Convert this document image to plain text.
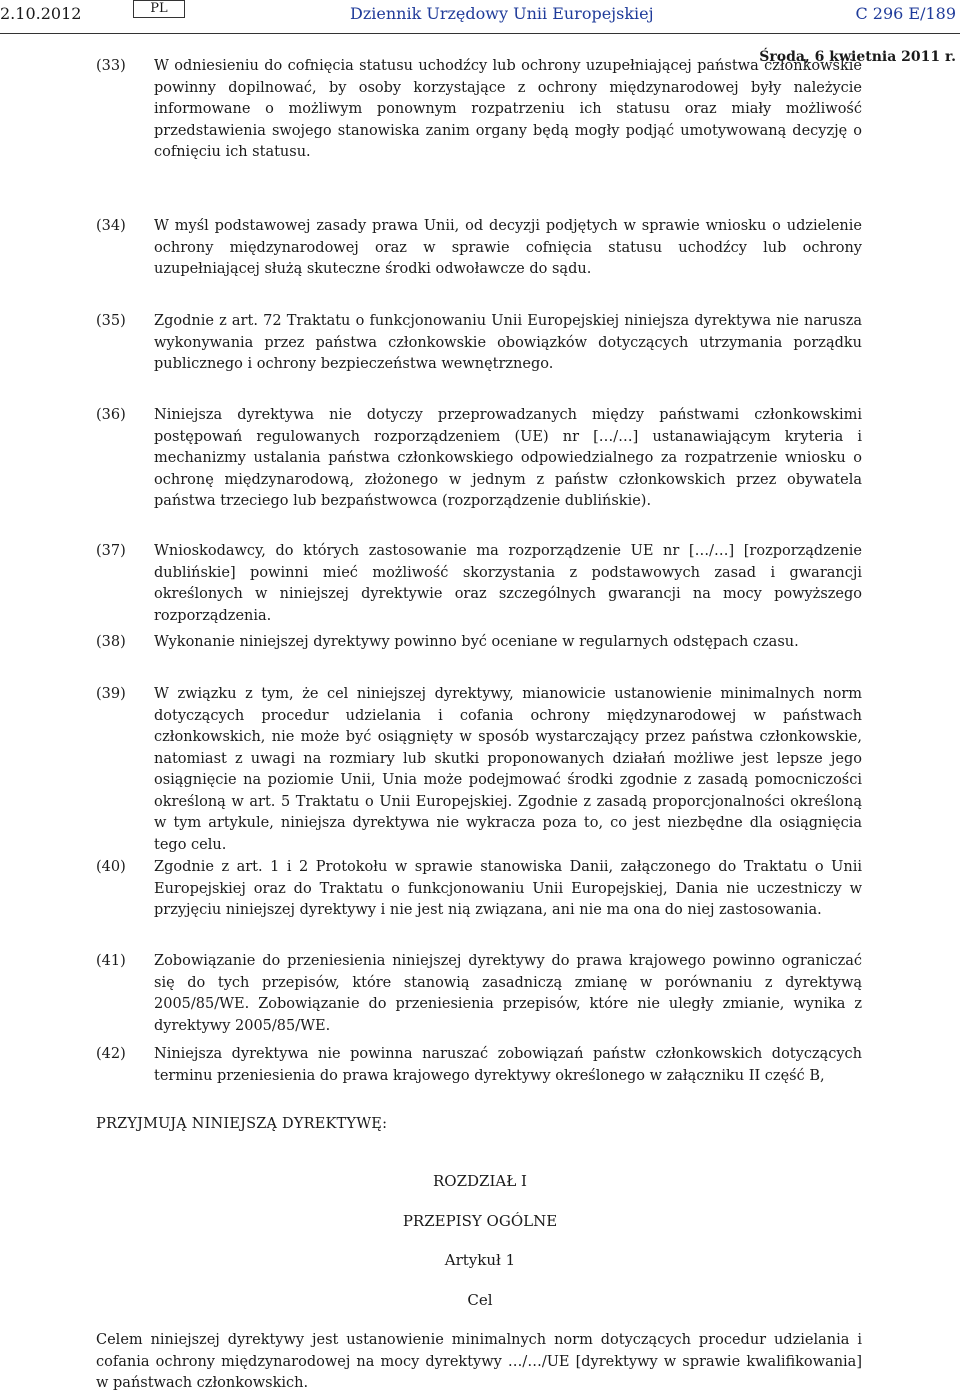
2.10.2012	PL	Dziennik Urzędowy Unii Europejskiej	C 296 E/189
Środa, 6 kwietnia 2011 r.
(33)	W odniesieniu do cofnięcia statusu uchodźcy lub ochrony uzupełniającej państwa członkowskie powinny dopilnować, by osoby korzystające z ochrony międzynarodowej były należycie informowane o możliwym ponownym rozpatrzeniu ich statusu oraz miały możliwość przedstawienia swojego stanowiska zanim organy będą mogły podjąć umotywowaną decyzję o cofnięciu ich statusu.
(34)	W myśl podstawowej zasady prawa Unii, od decyzji podjętych w sprawie wniosku o udzielenie ochrony międzynarodowej oraz w sprawie cofnięcia statusu uchodźcy lub ochrony uzupełniającej służą skuteczne środki odwoławcze do sądu.
(35)	Zgodnie z art. 72 Traktatu o funkcjonowaniu Unii Europejskiej niniejsza dyrektywa nie narusza wykonywania przez państwa członkowskie obowiązków dotyczących utrzymania porządku publicznego i ochrony bezpieczeństwa wewnętrznego.
(36)	Niniejsza dyrektywa nie dotyczy przeprowadzanych między państwami członkowskimi postępowań regulowanych rozporządzeniem (UE) nr […/…] ustanawiającym kryteria i mechanizmy ustalania państwa członkowskiego odpowiedzialnego za rozpatrzenie wniosku o ochronę międzynarodową, złożonego w jednym z państw członkowskich przez obywatela państwa trzeciego lub bezpaństwowca (rozporządzenie dublińskie).
(37)	Wnioskodawcy, do których zastosowanie ma rozporządzenie UE nr […/…] [rozporządzenie dublińskie] powinni mieć możliwość skorzystania z podstawowych zasad i gwarancji określonych w niniejszej dyrektywie oraz szczególnych gwarancji na mocy powyższego rozporządzenia.
(38)	Wykonanie niniejszej dyrektywy powinno być oceniane w regularnych odstępach czasu.
(39)	W związku z tym, że cel niniejszej dyrektywy, mianowicie ustanowienie minimalnych norm dotyczących procedur udzielania i cofania ochrony międzynarodowej w państwach członkowskich, nie może być osiągnięty w sposób wystarczający przez państwa członkowskie, natomiast z uwagi na rozmiary lub skutki proponowanych działań możliwe jest lepsze jego osiągnięcie na poziomie Unii, Unia może podejmować środki zgodnie z zasadą pomocniczości określoną w art. 5 Traktatu o Unii Europejskiej. Zgodnie z zasadą proporcjonalności określoną w tym artykule, niniejsza dyrektywa nie wykracza poza to, co jest niezbędne dla osiągnięcia tego celu.
(40)	Zgodnie z art. 1 i 2 Protokołu w sprawie stanowiska Danii, załączonego do Traktatu o Unii Europejskiej oraz do Traktatu o funkcjonowaniu Unii Europejskiej, Dania nie uczestniczy w przyjęciu niniejszej dyrektywy i nie jest nią związana, ani nie ma ona do niej zastosowania.
(41)	Zobowiązanie do przeniesienia niniejszej dyrektywy do prawa krajowego powinno ograniczać się do tych przepisów, które stanowią zasadniczą zmianę w porównaniu z dyrektywą 2005/85/WE. Zobowiązanie do przeniesienia przepisów, które nie uległy zmianie, wynika z dyrektywy 2005/85/WE.
(42)	Niniejsza dyrektywa nie powinna naruszać zobowiązań państw członkowskich dotyczących terminu przeniesienia do prawa krajowego dyrektywy określonego w załączniku II część B,
PRZYJMUJĄ NINIEJSZĄ DYREKTYWĘ:
ROZDZIAŁ I
PRZEPISY OGÓLNE
Artykuł 1
Cel
Celem niniejszej dyrektywy jest ustanowienie minimalnych norm dotyczących procedur udzielania i cofania ochrony międzynarodowej na mocy dyrektywy …/…/UE [dyrektywy w sprawie kwalifikowania] w państwach członkowskich.
